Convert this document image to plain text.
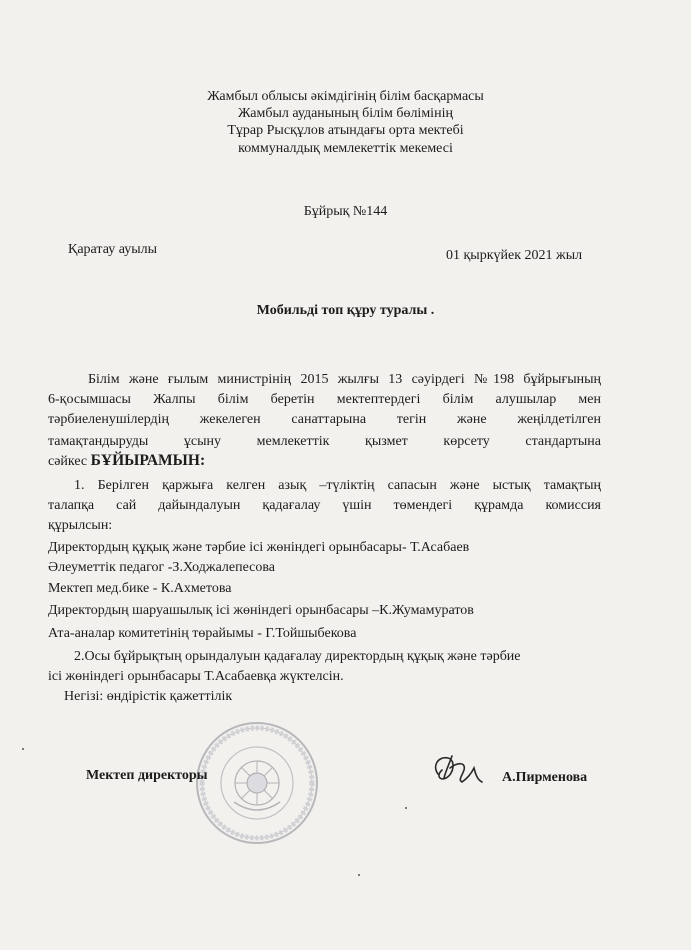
Жамбыл облысы әкімдігінің білім басқармасы
Жамбыл ауданының білім бөлімінің
Тұрар Рысқұлов атындағы орта мектебі
коммуналдық мемлекеттік мекемесі
Бұйрық №144
Қаратау ауылы	01 қыркүйек 2021 жыл
Мобильді топ құру туралы .
Білім және ғылым министрінің 2015 жылғы 13 сәуірдегі №198 бұйрығының
6-қосымшасы Жалпы білім беретін мектептердегі білім алушылар мен
тәрбиеленушілердің жекелеген санаттарына тегін және жеңілдетілген
тамақтандыруды ұсыну мемлекеттік қызмет көрсету стандартына
сәйкес БҰЙЫРАМЫН:
1. Берілген қаржыға келген азық –түліктің сапасын және ыстық тамақтың
талапқа сай дайындалуын қадағалау үшін төмендегі құрамда комиссия
құрылсын:
Директордың құқық және тәрбие ісі жөніндегі орынбасары- Т.Асабаев
Әлеуметтік педагог -З.Ходжалепесова
Мектеп мед.бике - К.Ахметова
Директордың шаруашылық ісі жөніндегі орынбасары –К.Жумамуратов
Ата-аналар комитетінің төрайымы - Г.Тойшыбекова
2.Осы бұйрықтың орындалуын қадағалау директордың құқық және тәрбие
ісі жөніндегі орынбасары Т.Асабаевқа жүктелсін.
Негізі: өндірістік қажеттілік
Мектеп директоры	А.Пирменова
